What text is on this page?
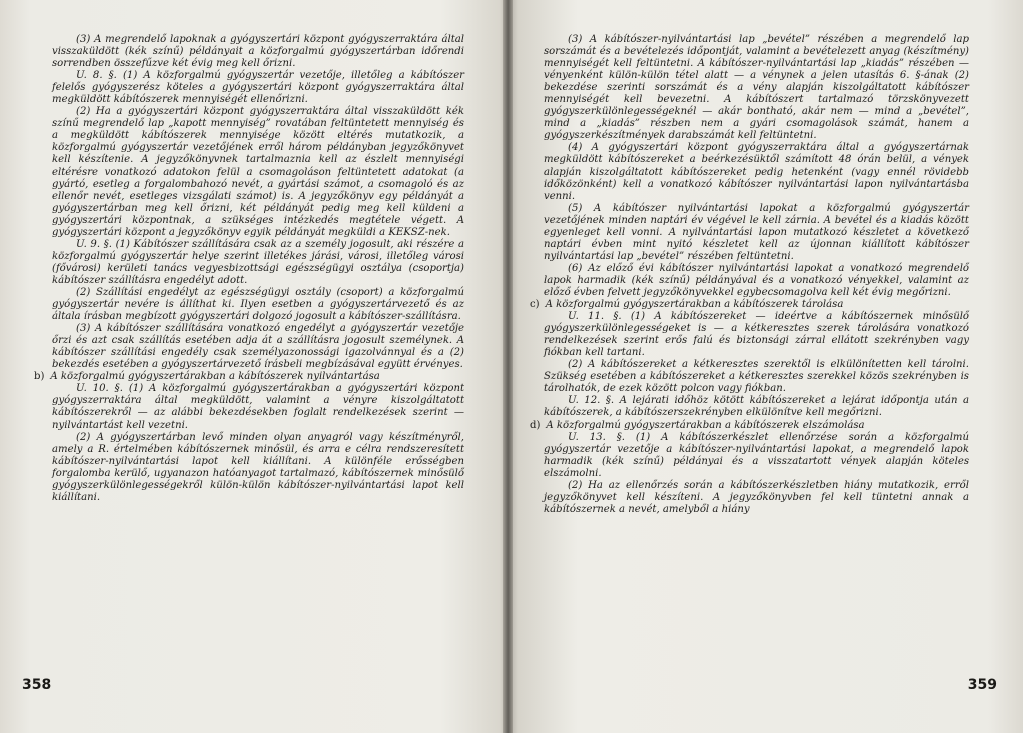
(3) A megrendelő lapoknak a gyógyszertári központ gyógyszerraktára által visszaküldött (kék színű) példányait a közforgalmú gyógyszertárban időrendi sorrendben összefűzve két évig meg kell őrizni.

U. 8. §. (1) A közforgalmú gyógyszertár vezetője, illetőleg a kábítószer felelős gyógyszerész köteles a gyógyszertári központ gyógyszerraktára által megküldött kábítószerek mennyiségét ellenőrizni.

(2) Ha a gyógyszertári központ gyógyszerraktára által visszaküldött kék színű megrendelő lap „kapott mennyiség” rovatában feltüntetett mennyiség és a megküldött kábítószerek mennyisége között eltérés mutatkozik, a közforgalmú gyógyszertár vezetőjének erről három példányban jegyzőkönyvet kell készítenie. A jegyzőkönyvnek tartalmaznia kell az észlelt mennyiségi eltérésre vonatkozó adatokon felül a csomagoláson feltüntetett adatokat (a gyártó, esetleg a forgalombahozó nevét, a gyártási számot, a csomagoló és az ellenőr nevét, esetleges vizsgálati számot) is. A jegyzőkönyv egy példányát a gyógyszertárban meg kell őrizni, két példányát pedig meg kell küldeni a gyógyszertári központnak, a szükséges intézkedés megtétele végett. A gyógyszertári központ a jegyzőkönyv egyik példányát megküldi a KEKSZ-nek.

U. 9. §. (1) Kábítószer szállítására csak az a személy jogosult, aki részére a közforgalmú gyógyszertár helye szerint illetékes járási, városi, illetőleg városi (fővárosi) kerületi tanács vegyesbizottsági egészségügyi osztálya (csoportja) kábítószer szállításra engedélyt adott.

(2) Szállítási engedélyt az egészségügyi osztály (csoport) a közforgalmú gyógyszertár nevére is állíthat ki. Ilyen esetben a gyógyszertárvezető és az általa írásban megbízott gyógyszertári dolgozó jogosult a kábítószer-szállításra.

(3) A kábítószer szállítására vonatkozó engedélyt a gyógyszertár vezetője őrzi és azt csak szállítás esetében adja át a szállításra jogosult személynek. A kábítószer szállítási engedély csak személyazonossági igazolvánnyal és a (2) bekezdés esetében a gyógyszertárvezető írásbeli megbízásával együtt érvényes.

b) A közforgalmú gyógyszertárakban a kábítószerek nyilvántartása

U. 10. §. (1) A közforgalmú gyógyszertárakban a gyógyszertári központ gyógyszerraktára által megküldött, valamint a vényre kiszolgáltatott kábítószerekről — az alábbi bekezdésekben foglalt rendelkezések szerint — nyilvántartást kell vezetni.

(2) A gyógyszertárban levő minden olyan anyagról vagy készítményről, amely a R. értelmében kábítószernek minősül, és arra e célra rendszeresített kábítószer-nyilvántartási lapot kell kiállítani. A különféle erősségben forgalomba kerülő, ugyanazon hatóanyagot tartalmazó, kábítószernek minősülő gyógyszerkülönlegességekről külön-külön kábítószer-nyilvántartási lapot kell kiállítani.

358

(3) A kábítószer-nyilvántartási lap „bevétel” részében a megrendelő lap sorszámát és a bevételezés időpontját, valamint a bevételezett anyag (készítmény) mennyiségét kell feltüntetni. A kábítószer-nyilvántartási lap „kiadás” részében — vényenként külön-külön tétel alatt — a vénynek a jelen utasítás 6. §-ának (2) bekezdése szerinti sorszámát és a vény alapján kiszolgáltatott kábítószer mennyiségét kell bevezetni. A kábítószert tartalmazó törzskönyvezett gyógyszerkülönlegességeknél — akár bontható, akár nem — mind a „bevétel”, mind a „kiadás” részben nem a gyári csomagolások számát, hanem a gyógyszerkészítmények darabszámát kell feltüntetni.

(4) A gyógyszertári központ gyógyszerraktára által a gyógyszertárnak megküldött kábítószereket a beérkezésüktől számított 48 órán belül, a vények alapján kiszolgáltatott kábítószereket pedig hetenként (vagy ennél rövidebb időközönként) kell a vonatkozó kábítószer nyilvántartási lapon nyilvántartásba venni.

(5) A kábítószer nyilvántartási lapokat a közforgalmú gyógyszertár vezetőjének minden naptári év végével le kell zárnia. A bevétel és a kiadás között egyenleget kell vonni. A nyilvántartási lapon mutatkozó készletet a következő naptári évben mint nyitó készletet kell az újonnan kiállított kábítószer nyilvántartási lap „bevétel” részében feltüntetni.

(6) Az előző évi kábítószer nyilvántartási lapokat a vonatkozó megrendelő lapok harmadik (kék színű) példányával és a vonatkozó vényekkel, valamint az előző évben felvett jegyzőkönyvekkel egybecsomagolva kell két évig megőrizni.

c) A közforgalmú gyógyszertárakban a kábítószerek tárolása

U. 11. §. (1) A kábítószereket — ideértve a kábítószernek minősülő gyógyszerkülönlegességeket is — a kétkeresztes szerek tárolására vonatkozó rendelkezések szerint erős falú és biztonsági zárral ellátott szekrényben vagy fiókban kell tartani.

(2) A kábítószereket a kétkeresztes szerektől is elkülönítetten kell tárolni. Szükség esetében a kábítószereket a kétkeresztes szerekkel közös szekrényben is tárolhatók, de ezek között polcon vagy fiókban.

U. 12. §. A lejárati időhöz kötött kábítószereket a lejárat időpontja után a kábítószerek, a kábítószerszekrényben elkülönítve kell megőrizni.

d) A közforgalmú gyógyszertárakban a kábítószerek elszámolása

U. 13. §. (1) A kábítószerkészlet ellenőrzése során a közforgalmú gyógyszertár vezetője a kábítószer-nyilvántartási lapokat, a megrendelő lapok harmadik (kék színű) példányai és a visszatartott vények alapján köteles elszámolni.

(2) Ha az ellenőrzés során a kábítószerkészletben hiány mutatkozik, erről jegyzőkönyvet kell készíteni. A jegyzőkönyvben fel kell tüntetni annak a kábítószernek a nevét, amelyből a hiány

359
